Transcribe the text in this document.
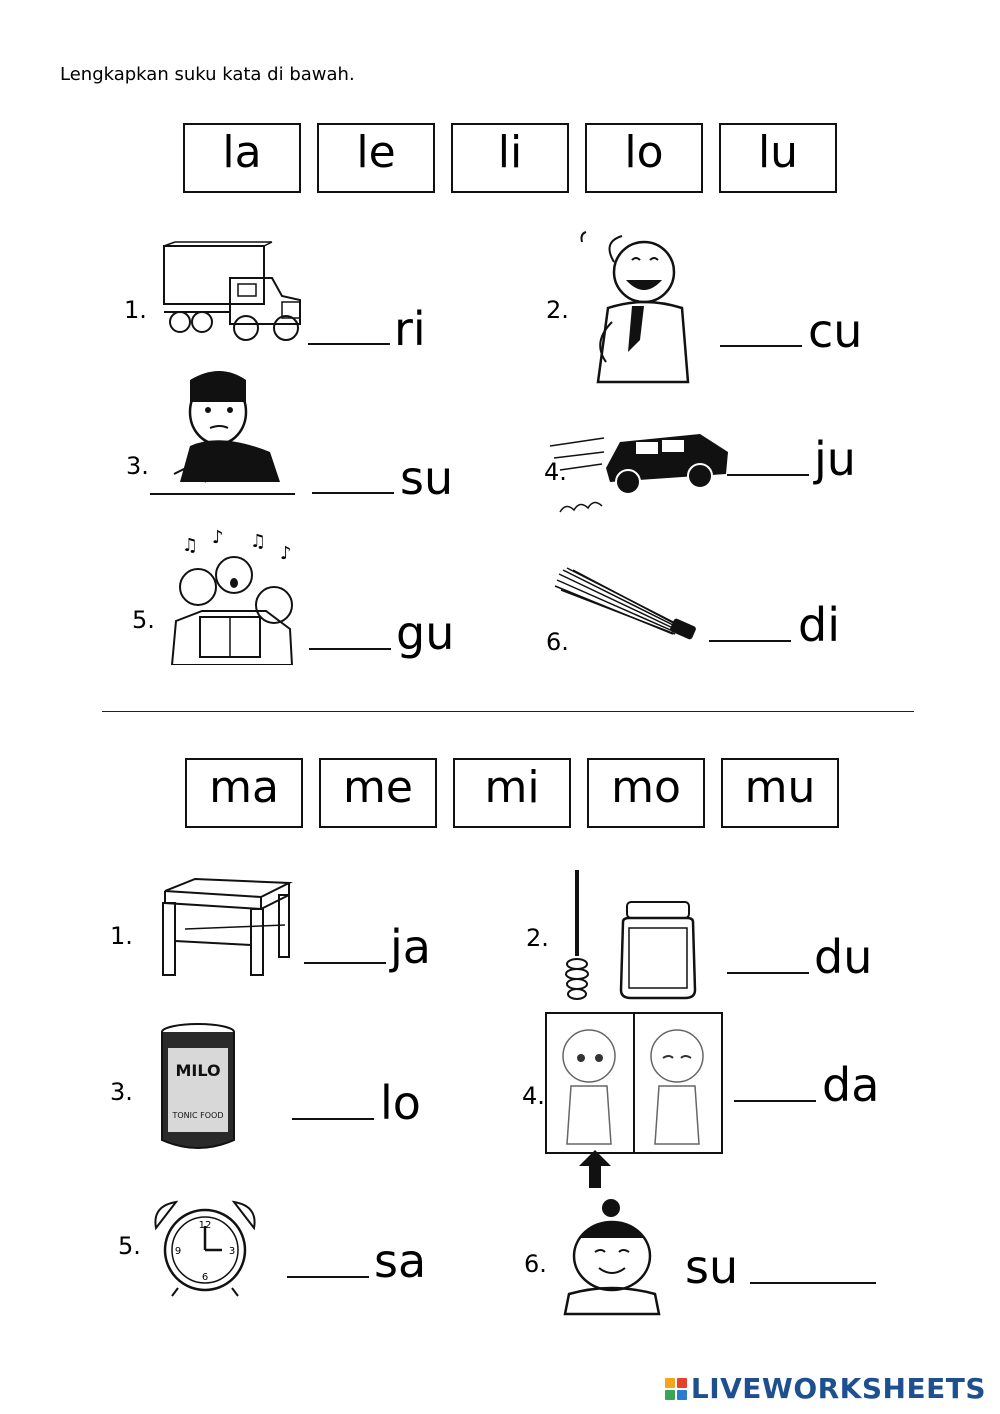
Lengkapkan suku kata di bawah.
la	le	li	lo	lu
1.	ri	2.	cu
3.	su	4.	ju
5.
♫ ♪ ♫
♪
gu	6.	di
ma	me	mi	mo	mu
1.	ja	2.	du
3.
MILO
TONIC FOOD	lo	4.	da
5.
12
3
6
9	sa	6.	su
LIVEWORKSHEETS
